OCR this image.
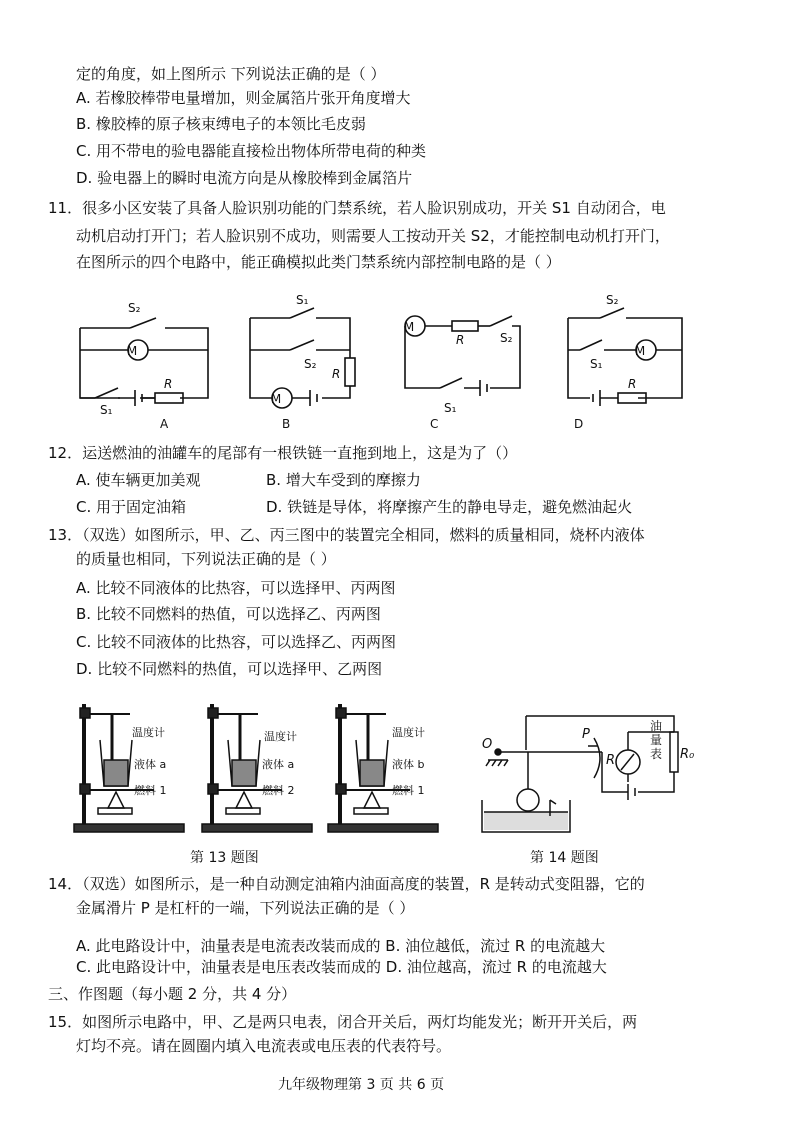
定的角度，如上图所示 下列说法正确的是（ ）
A. 若橡胶棒带电量增加，则金属箔片张开角度增大
B. 橡胶棒的原子核束缚电子的本领比毛皮弱
C. 用不带电的验电器能直接检出物体所带电荷的种类
D. 验电器上的瞬时电流方向是从橡胶棒到金属箔片
11．很多小区安装了具备人脸识别功能的门禁系统，若人脸识别成功，开关 S1 自动闭合，电
动机启动打开门；若人脸识别不成功，则需要人工按动开关 S2，才能控制电动机打开门，
在图所示的四个电路中，能正确模拟此类门禁系统内部控制电路的是（ ）
M
S₂
S₁
R
A
M
S₁
S₂
R
B
M
R	S₂
S₁
C
M
S₂
S₁
R
D
12．运送燃油的油罐车的尾部有一根铁链一直拖到地上，这是为了（）
A. 使车辆更加美观	B. 增大车受到的摩擦力
C. 用于固定油箱	D. 铁链是导体，将摩擦产生的静电导走，避免燃油起火
13．（双选）如图所示，甲、乙、丙三图中的装置完全相同，燃料的质量相同，烧杯内液体
的质量也相同，下列说法正确的是（ ）
A. 比较不同液体的比热容，可以选择甲、丙两图
B. 比较不同燃料的热值，可以选择乙、丙两图
C. 比较不同液体的比热容，可以选择乙、丙两图
D. 比较不同燃料的热值，可以选择甲、乙两图
温度计
液体 a
燃料 1
温度计
液体 a
燃料 2
温度计
液体 b
燃料 1
第 13 题图
O
P
R	R₀
油
量
表
第 14 题图
14．（双选）如图所示，是一种自动测定油箱内油面高度的装置，R 是转动式变阻器，它的
金属滑片 P 是杠杆的一端，下列说法正确的是（ ）
A. 此电路设计中，油量表是电流表改装而成的 B. 油位越低，流过 R 的电流越大
C. 此电路设计中，油量表是电压表改装而成的 D. 油位越高，流过 R 的电流越大
三、作图题（每小题 2 分，共 4 分）
15．如图所示电路中，甲、乙是两只电表，闭合开关后，两灯均能发光；断开开关后，两
灯均不亮。请在圆圈内填入电流表或电压表的代表符号。
九年级物理第 3 页 共 6 页
